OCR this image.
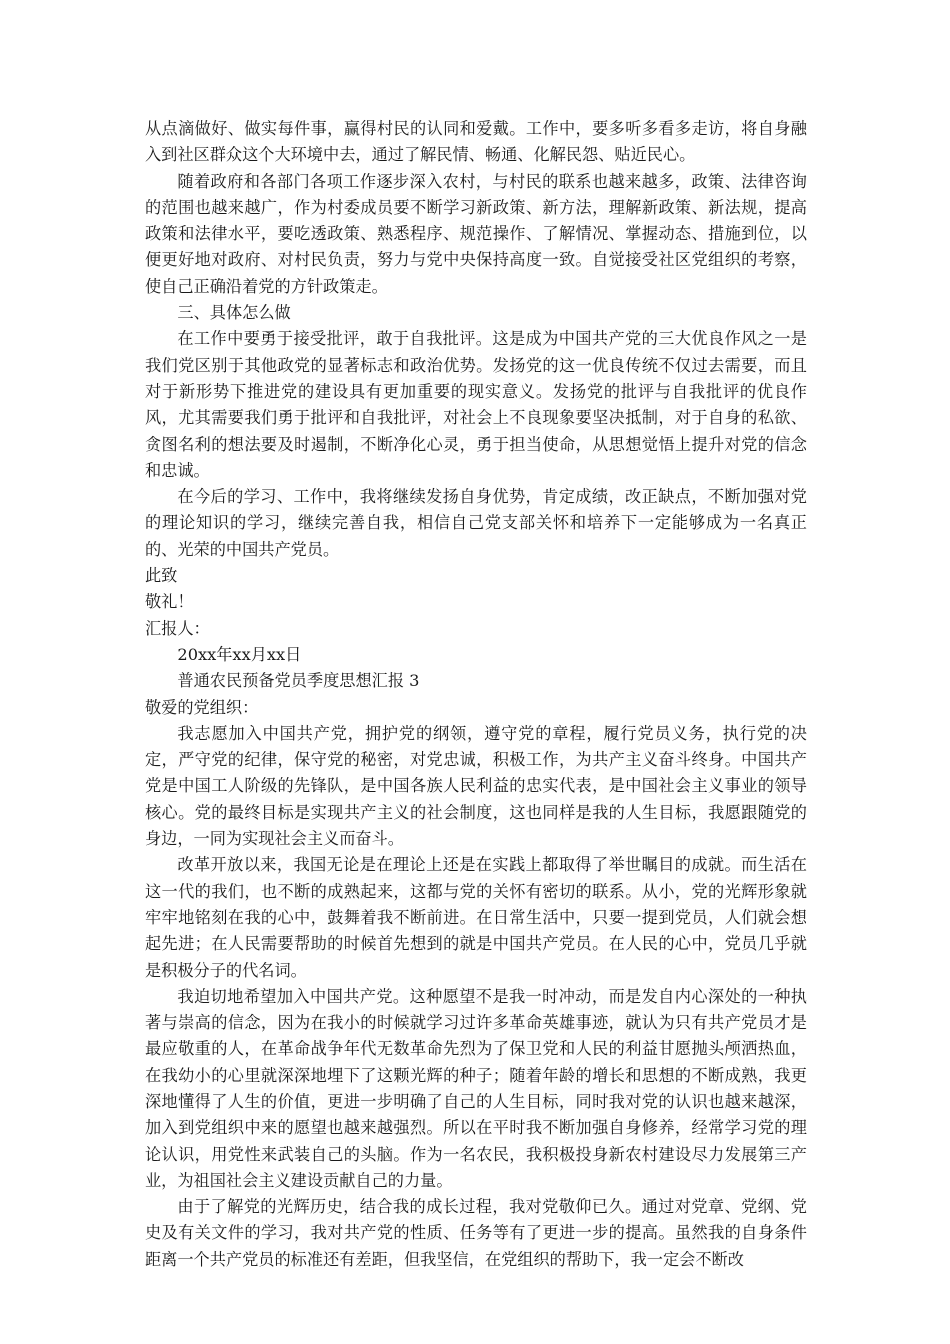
从点滴做好、做实每件事，赢得村民的认同和爱戴。工作中，要多听多看多走访，将自身融入到社区群众这个大环境中去，通过了解民情、畅通、化解民怨、贴近民心。

随着政府和各部门各项工作逐步深入农村，与村民的联系也越来越多，政策、法律咨询的范围也越来越广，作为村委成员要不断学习新政策、新方法，理解新政策、新法规，提高政策和法律水平，要吃透政策、熟悉程序、规范操作、了解情况、掌握动态、措施到位，以便更好地对政府、对村民负责，努力与党中央保持高度一致。自觉接受社区党组织的考察，使自己正确沿着党的方针政策走。

三、具体怎么做

在工作中要勇于接受批评，敢于自我批评。这是成为中国共产党的三大优良作风之一是我们党区别于其他政党的显著标志和政治优势。发扬党的这一优良传统不仅过去需要，而且对于新形势下推进党的建设具有更加重要的现实意义。发扬党的批评与自我批评的优良作风，尤其需要我们勇于批评和自我批评，对社会上不良现象要坚决抵制，对于自身的私欲、贪图名利的想法要及时遏制，不断净化心灵，勇于担当使命，从思想觉悟上提升对党的信念和忠诚。

在今后的学习、工作中，我将继续发扬自身优势，肯定成绩，改正缺点，不断加强对党的理论知识的学习，继续完善自我，相信自己党支部关怀和培养下一定能够成为一名真正的、光荣的中国共产党员。

此致

敬礼！

汇报人：

20xx年xx月xx日

普通农民预备党员季度思想汇报 3

敬爱的党组织：

我志愿加入中国共产党，拥护党的纲领，遵守党的章程，履行党员义务，执行党的决定，严守党的纪律，保守党的秘密，对党忠诚，积极工作，为共产主义奋斗终身。中国共产党是中国工人阶级的先锋队，是中国各族人民利益的忠实代表，是中国社会主义事业的领导核心。党的最终目标是实现共产主义的社会制度，这也同样是我的人生目标，我愿跟随党的身边，一同为实现社会主义而奋斗。

改革开放以来，我国无论是在理论上还是在实践上都取得了举世瞩目的成就。而生活在这一代的我们，也不断的成熟起来，这都与党的关怀有密切的联系。从小，党的光辉形象就牢牢地铭刻在我的心中，鼓舞着我不断前进。在日常生活中，只要一提到党员，人们就会想起先进；在人民需要帮助的时候首先想到的就是中国共产党员。在人民的心中，党员几乎就是积极分子的代名词。

我迫切地希望加入中国共产党。这种愿望不是我一时冲动，而是发自内心深处的一种执著与崇高的信念，因为在我小的时候就学习过许多革命英雄事迹，就认为只有共产党员才是最应敬重的人，在革命战争年代无数革命先烈为了保卫党和人民的利益甘愿抛头颅洒热血，在我幼小的心里就深深地埋下了这颗光辉的种子；随着年龄的增长和思想的不断成熟，我更深地懂得了人生的价值，更进一步明确了自己的人生目标，同时我对党的认识也越来越深，加入到党组织中来的愿望也越来越强烈。所以在平时我不断加强自身修养，经常学习党的理论认识，用党性来武装自己的头脑。作为一名农民，我积极投身新农村建设尽力发展第三产业，为祖国社会主义建设贡献自己的力量。

由于了解党的光辉历史，结合我的成长过程，我对党敬仰已久。通过对党章、党纲、党史及有关文件的学习，我对共产党的性质、任务等有了更进一步的提高。虽然我的自身条件距离一个共产党员的标准还有差距，但我坚信，在党组织的帮助下，我一定会不断改
